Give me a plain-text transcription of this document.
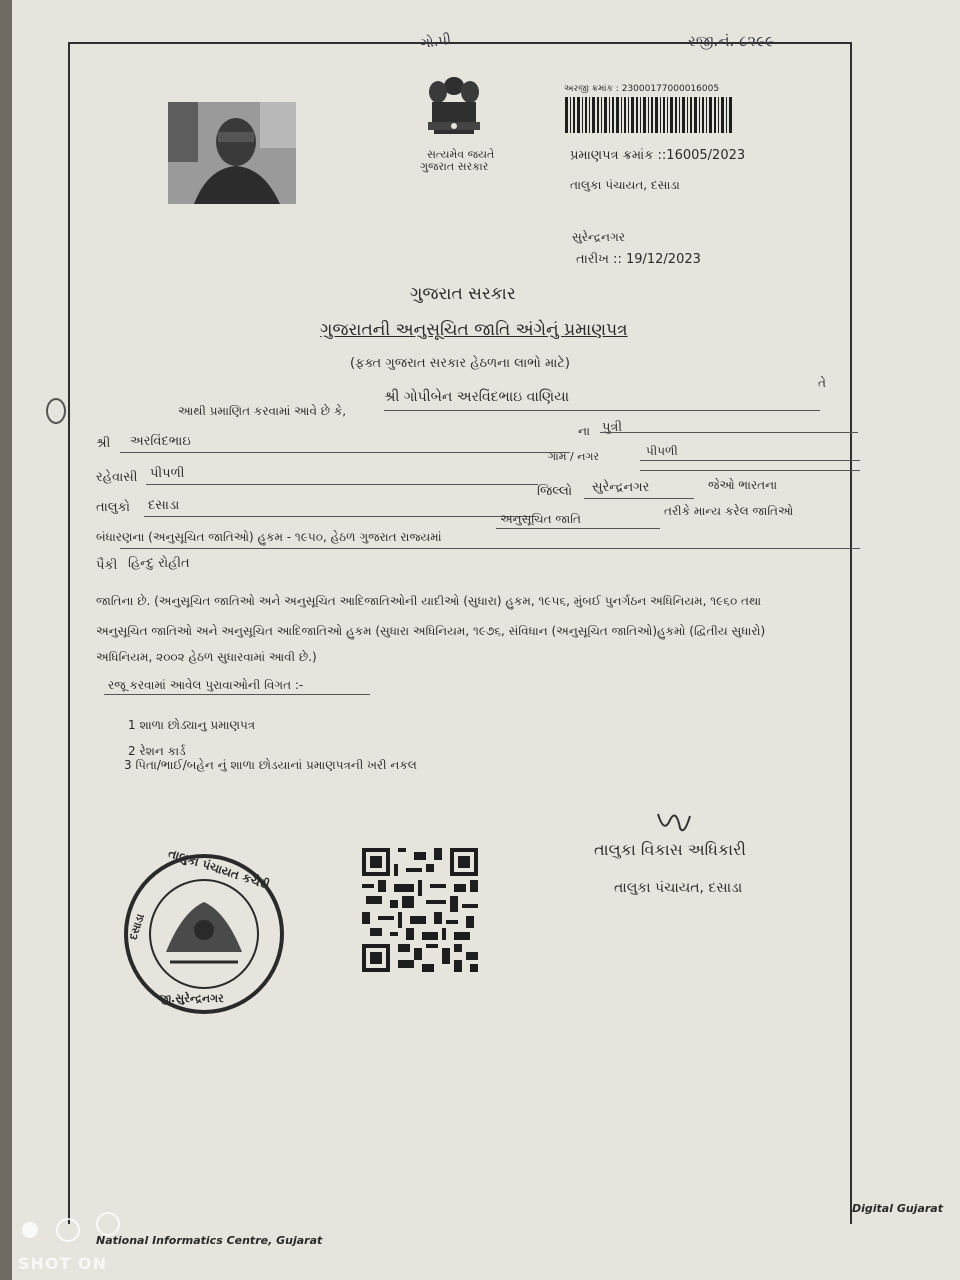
ગો.પી	રજી.નં. ૮૨૯૯
સત્યમેવ જયતે
ગુજરાત સરકાર
અરજી ક્રમાંક : 23000177000016005
પ્રમાણપત્ર ક્રમાંક ::16005/2023
તાલુકા પંચાયત, દસાડા
સુરેન્દ્રનગર
તારીખ :: 19/12/2023
ગુજરાત સરકાર
ગુજરાતની અનુસૂચિત જાતિ અંગેનું પ્રમાણપત્ર
(ફક્ત ગુજરાત સરકાર હેઠળના લાભો માટે)
આથી પ્રમાણિત કરવામાં આવે છે કે,
શ્રી ગોપીબેન અરવિંદભાઇ વાણિયા
તે
શ્રી અરવિંદભાઇ
ના પુત્રી
ગામ / નગર	પીપળી
રહેવાસી પીપળી
તાલુકો દસાડા
જિલ્લો સુરેન્દ્રનગર	જેઓ ભારતના
બંધારણના (અનુસૂચિત જાતિઓ) હુકમ - ૧૯૫૦, હેઠળ ગુજરાત રાજ્યમાં
અનુસૂચિત જાતિ
તરીકે માન્ય કરેલ જાતિઓ
પૈકી હિન્દુ રોહીત
જાતિના છે. (અનુસૂચિત જાતિઓ અને અનુસૂચિત આદિજાતિઓની યાદીઓ (સુધારા) હુકમ, ૧૯૫૬, મુંબઈ પુનર્ગઠન અધિનિયમ, ૧૯૬૦ તથા
અનુસૂચિત જાતિઓ અને અનુસૂચિત આદિજાતિઓ હુકમ (સુધારા અધિનિયમ, ૧૯૭૬, સંવિધાન (અનુસૂચિત જાતિઓ)હુકમો (દ્વિતીય સુધારો)
અધિનિયમ, ૨૦૦૨ હેઠળ સુધારવામાં આવી છે.)
રજૂ કરવામાં આવેલ પુરાવાઓની વિગત :-
1 શાળા છોડ્યાનુ પ્રમાણપત્ર
2 રેશન કાર્ડ
3 પિતા/ભાઈ/બહેન નું શાળા છોડયાનાં પ્રમાણપત્રની ખરી નકલ
તાલુકા વિકાસ અધિકારી
તાલુકા પંચાયત, દસાડા
તાલુકા પંચાયત કચેરી
દસાડા
જી.સુરેન્દ્રનગર
Digital Gujarat
National Informatics Centre, Gujarat
SHOT ON
